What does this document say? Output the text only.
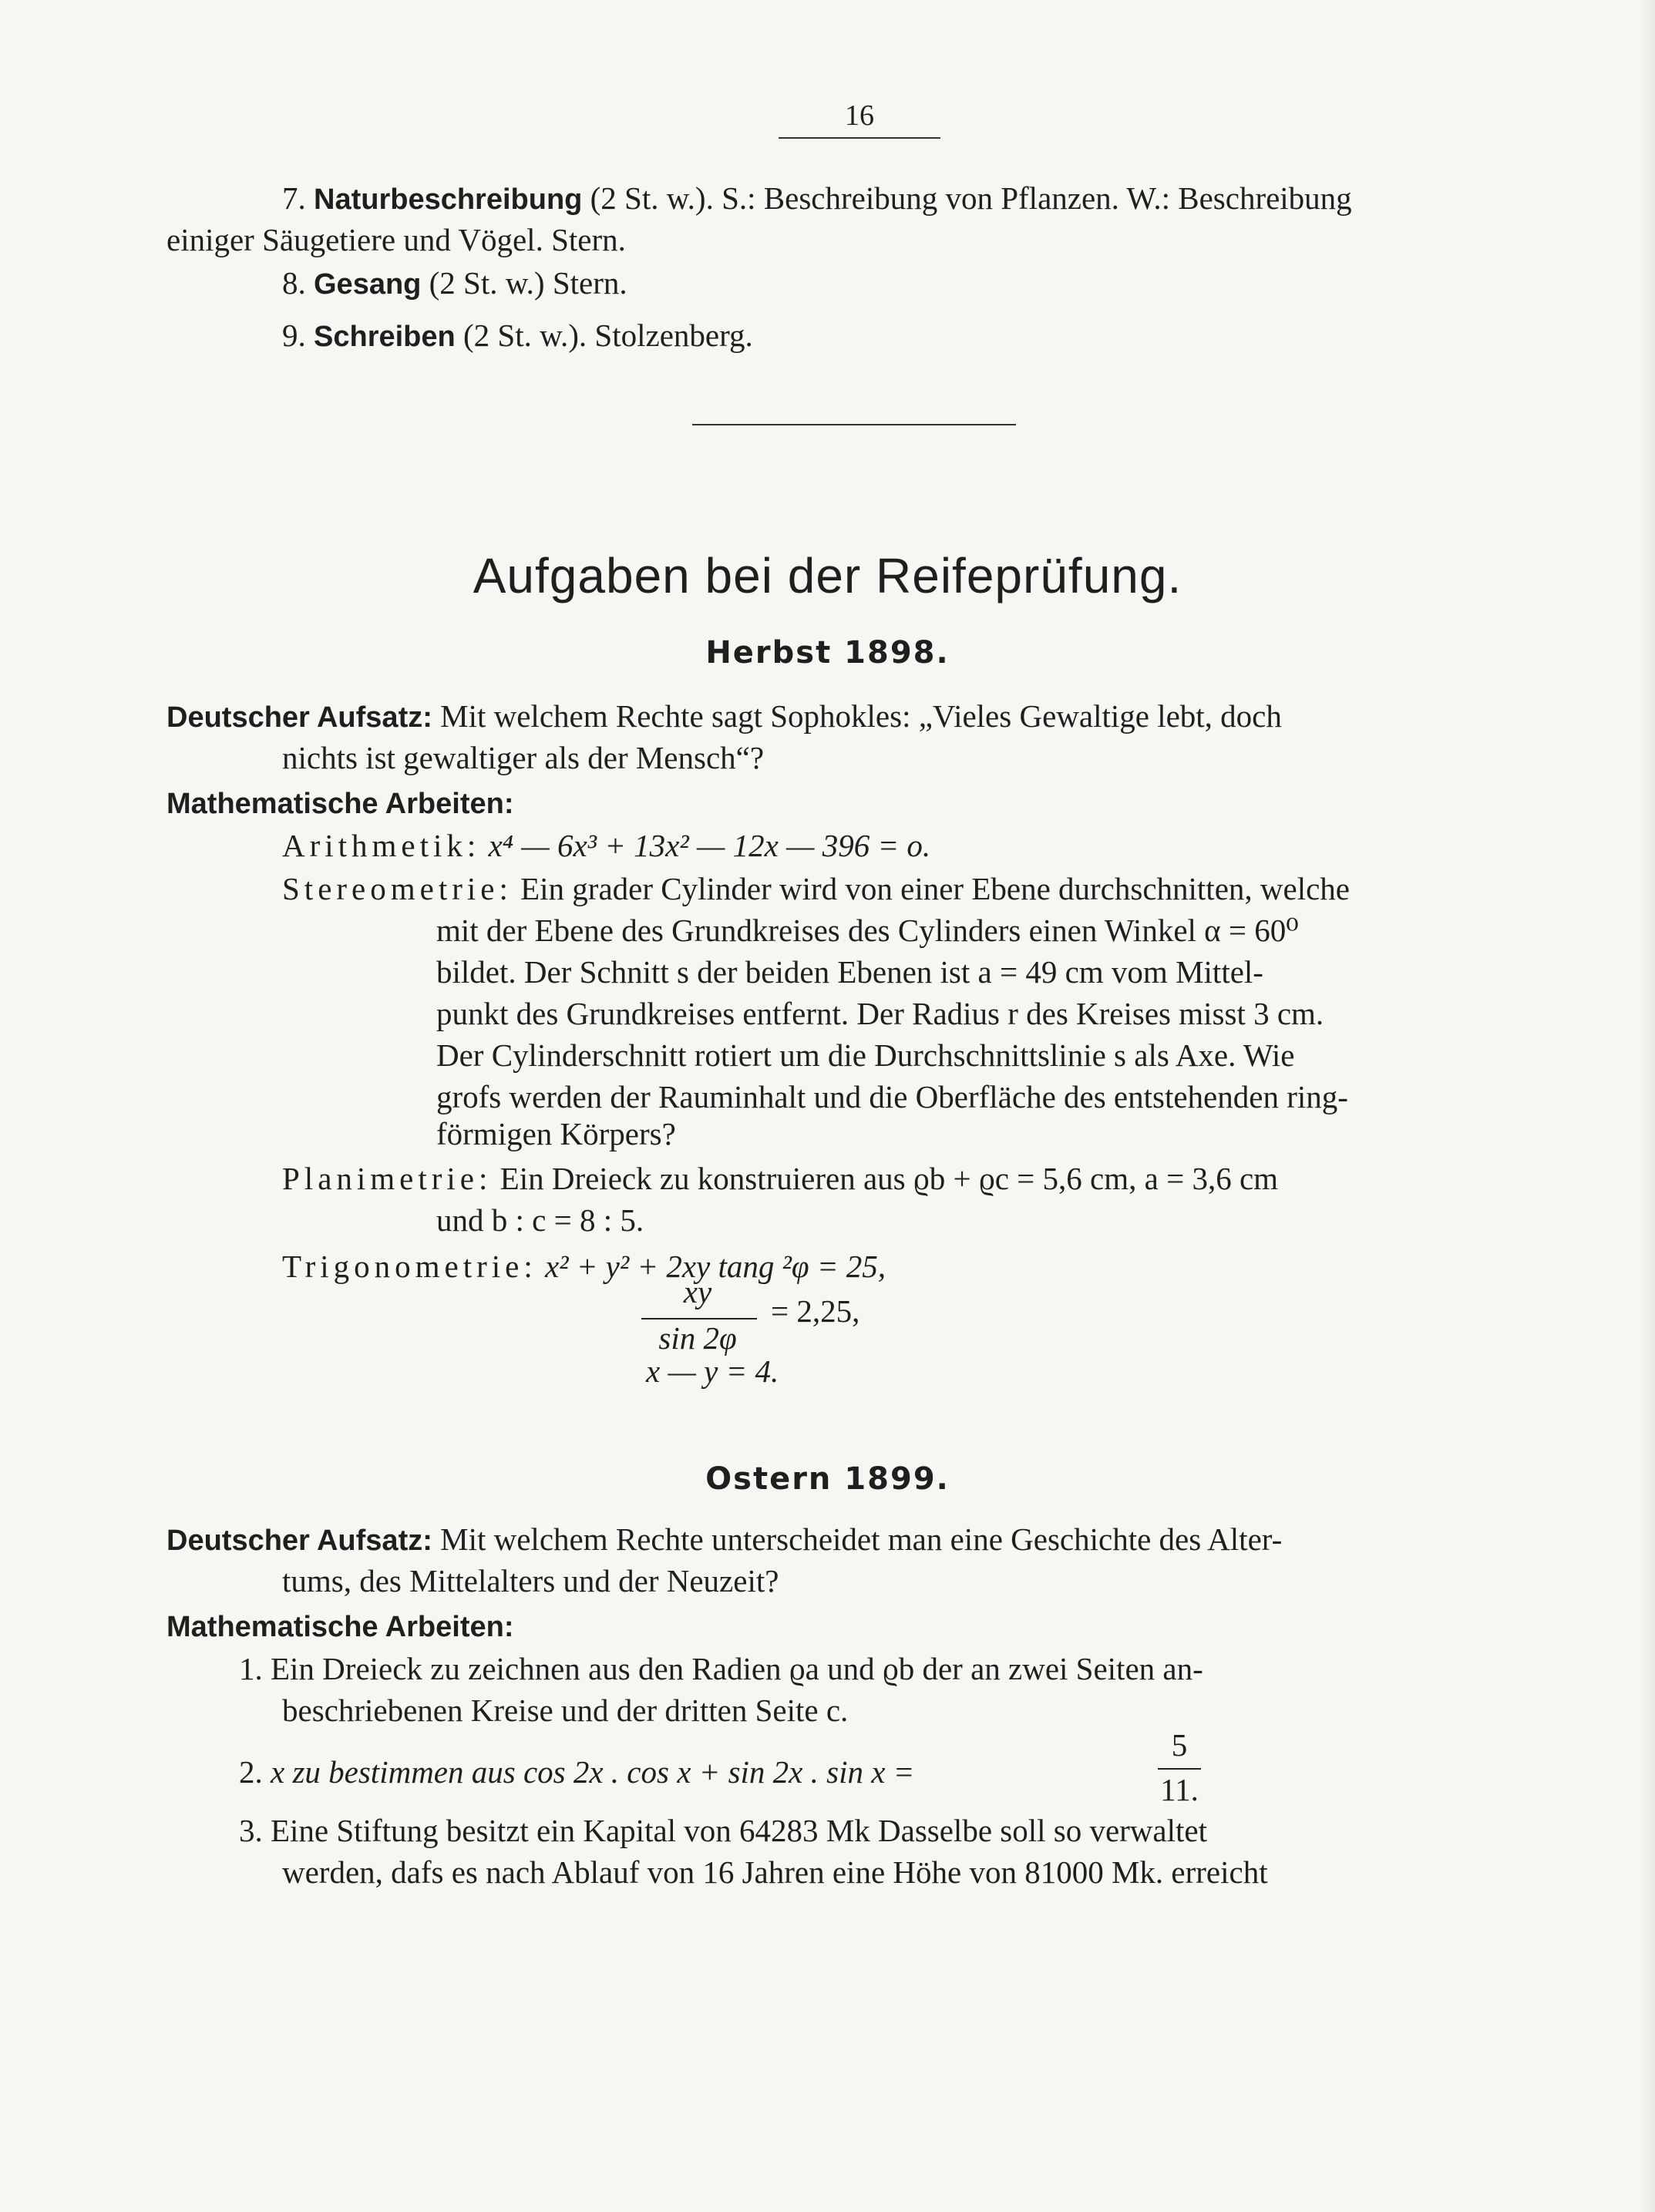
16
7. Naturbeschreibung (2 St. w.). S.: Beschreibung von Pflanzen. W.: Beschreibung
einiger Säugetiere und Vögel. Stern.
8. Gesang (2 St. w.) Stern.
9. Schreiben (2 St. w.). Stolzenberg.
Aufgaben bei der Reifeprüfung.
Herbst 1898.
Deutscher Aufsatz: Mit welchem Rechte sagt Sophokles: „Vieles Gewaltige lebt, doch
nichts ist gewaltiger als der Mensch“?
Mathematische Arbeiten:
Arithmetik: x⁴ — 6x³ + 13x² — 12x — 396 = o.
Stereometrie: Ein grader Cylinder wird von einer Ebene durchschnitten, welche
mit der Ebene des Grundkreises des Cylinders einen Winkel α = 60⁰
bildet. Der Schnitt s der beiden Ebenen ist a = 49 cm vom Mittel-
punkt des Grundkreises entfernt. Der Radius r des Kreises misst 3 cm.
Der Cylinderschnitt rotiert um die Durchschnittslinie s als Axe. Wie
grofs werden der Rauminhalt und die Oberfläche des entstehenden ring-
förmigen Körpers?
Planimetrie: Ein Dreieck zu konstruieren aus ϱb + ϱc = 5,6 cm, a = 3,6 cm
und b : c = 8 : 5.
Trigonometrie: x² + y² + 2xy tang ²φ = 25,
xy
sin 2φ
= 2,25,
x — y = 4.
Ostern 1899.
Deutscher Aufsatz: Mit welchem Rechte unterscheidet man eine Geschichte des Alter-
tums, des Mittelalters und der Neuzeit?
Mathematische Arbeiten:
1. Ein Dreieck zu zeichnen aus den Radien ϱa und ϱb der an zwei Seiten an-
beschriebenen Kreise und der dritten Seite c.
2. x zu bestimmen aus cos 2x . cos x + sin 2x . sin x =
5
11.
3. Eine Stiftung besitzt ein Kapital von 64283 Mk Dasselbe soll so verwaltet
werden, dafs es nach Ablauf von 16 Jahren eine Höhe von 81000 Mk. erreicht
